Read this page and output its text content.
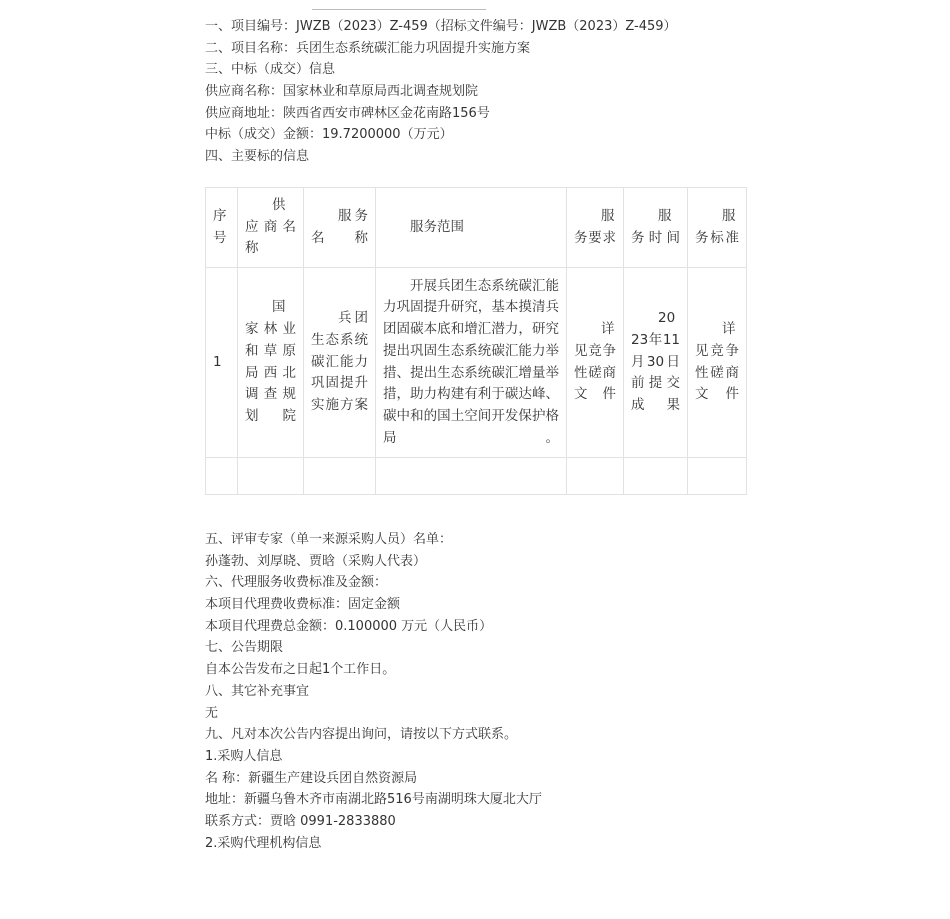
一、项目编号：JWZB（2023）Z-459（招标文件编号：JWZB（2023）Z-459）
二、项目名称：兵团生态系统碳汇能力巩固提升实施方案
三、中标（成交）信息
供应商名称：国家林业和草原局西北调查规划院
供应商地址：陕西省西安市碑林区金花南路156号
中标（成交）金额：19.7200000（万元）
四、主要标的信息
序号	供应商名称	服务名称	服务范围	服务要求	服务时间	服务标准
1	国家林业和草原局西北调查规划院	兵团生态系统碳汇能力巩固提升实施方案	开展兵团生态系统碳汇能力巩固提升研究，基本摸清兵团固碳本底和增汇潜力，研究提出巩固生态系统碳汇能力举措、提出生态系统碳汇增量举措，助力构建有利于碳达峰、碳中和的国土空间开发保护格局。	详见竞争性磋商文件	2023年11月30日前提交成果	详见竞争性磋商文件

五、评审专家（单一来源采购人员）名单：
孙蓬勃、刘厚晓、贾晗（采购人代表）
六、代理服务收费标准及金额：
本项目代理费收费标准：固定金额
本项目代理费总金额：0.100000 万元（人民币）
七、公告期限
自本公告发布之日起1个工作日。
八、其它补充事宜
无
九、凡对本次公告内容提出询问，请按以下方式联系。
1.采购人信息
名 称：新疆生产建设兵团自然资源局
地址：新疆乌鲁木齐市南湖北路516号南湖明珠大厦北大厅
联系方式：贾晗 0991-2833880
2.采购代理机构信息
